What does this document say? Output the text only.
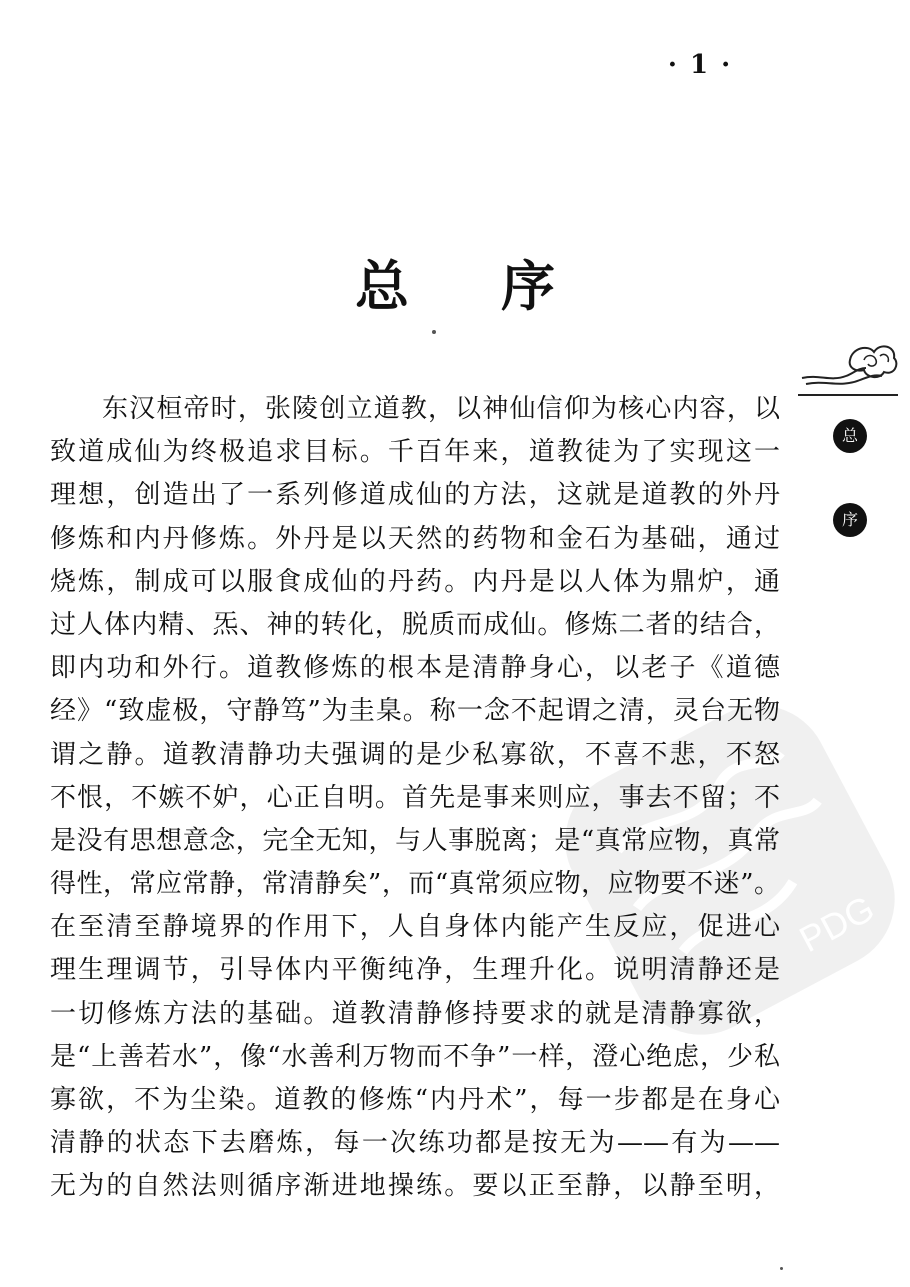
· 1 ·
总序
总
序
PDG
东汉桓帝时，张陵创立道教，以神仙信仰为核心内容，以
致道成仙为终极追求目标。千百年来，道教徒为了实现这一
理想，创造出了一系列修道成仙的方法，这就是道教的外丹
修炼和内丹修炼。外丹是以天然的药物和金石为基础，通过
烧炼，制成可以服食成仙的丹药。内丹是以人体为鼎炉，通
过人体内精、炁、神的转化，脱质而成仙。修炼二者的结合，
即内功和外行。道教修炼的根本是清静身心，以老子《道德
经》“致虚极，守静笃”为圭臬。称一念不起谓之清，灵台无物
谓之静。道教清静功夫强调的是少私寡欲，不喜不悲，不怒
不恨，不嫉不妒，心正自明。首先是事来则应，事去不留；不
是没有思想意念，完全无知，与人事脱离；是“真常应物，真常
得性，常应常静，常清静矣”，而“真常须应物，应物要不迷”。
在至清至静境界的作用下，人自身体内能产生反应，促进心
理生理调节，引导体内平衡纯净，生理升化。说明清静还是
一切修炼方法的基础。道教清静修持要求的就是清静寡欲，
是“上善若水”，像“水善利万物而不争”一样，澄心绝虑，少私
寡欲，不为尘染。道教的修炼“内丹术”，每一步都是在身心
清静的状态下去磨炼，每一次练功都是按无为——有为——
无为的自然法则循序渐进地操练。要以正至静，以静至明，
